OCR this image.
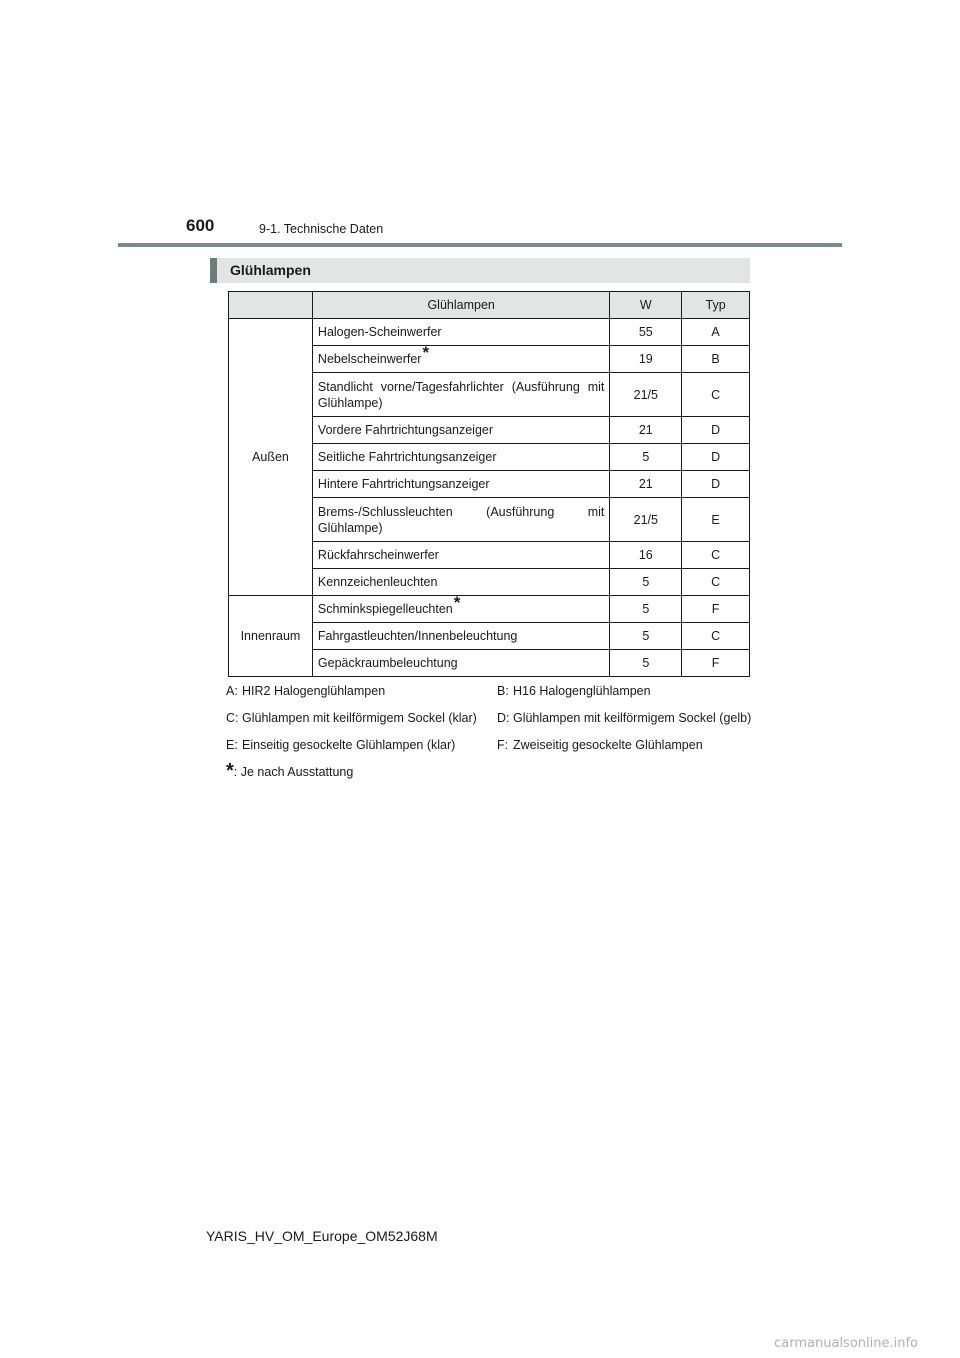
600	9-1. Technische Daten
Glühlampen
	Glühlampen	W	Typ
Außen	Halogen-Scheinwerfer	55	A
	Nebelscheinwerfer*	19	B
	Standlicht vorne/Tagesfahrlichter (Ausführung mit Glühlampe)	21/5	C
	Vordere Fahrtrichtungsanzeiger	21	D
	Seitliche Fahrtrichtungsanzeiger	5	D
	Hintere Fahrtrichtungsanzeiger	21	D
	Brems-/Schlussleuchten (Ausführung mit Glühlampe)	21/5	E
	Rückfahrscheinwerfer	16	C
	Kennzeichenleuchten	5	C
Innenraum	Schminkspiegelleuchten*	5	F
	Fahrgastleuchten/Innenbeleuchtung	5	C
	Gepäckraumbeleuchtung	5	F
A: HIR2 Halogenglühlampen	B: H16 Halogenglühlampen
C: Glühlampen mit keilförmigem Sockel (klar)	D: Glühlampen mit keilförmigem Sockel (gelb)
E: Einseitig gesockelte Glühlampen (klar)	F: Zweiseitig gesockelte Glühlampen
* : Je nach Ausstattung
YARIS_HV_OM_Europe_OM52J68M
carmanualsonline.info
